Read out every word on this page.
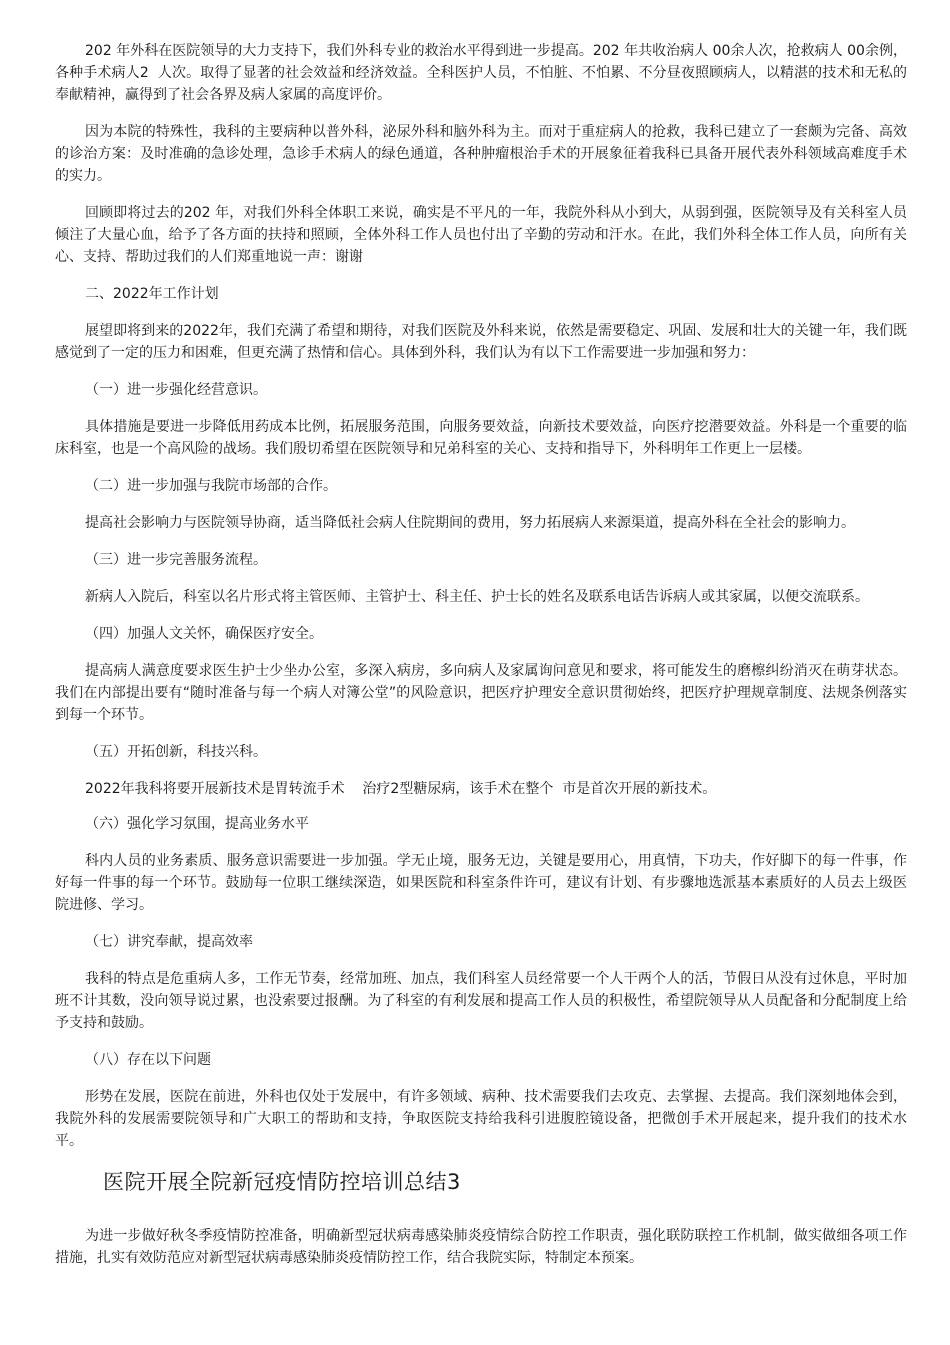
202 年外科在医院领导的大力支持下，我们外科专业的救治水平得到进一步提高。202 年共收治病人 00余人次，抢救病人 00余例，各种手术病人2  人次。取得了显著的社会效益和经济效益。全科医护人员，不怕脏、不怕累、不分昼夜照顾病人，以精湛的技术和无私的奉献精神，赢得到了社会各界及病人家属的高度评价。

因为本院的特殊性，我科的主要病种以普外科，泌尿外科和脑外科为主。而对于重症病人的抢救，我科已建立了一套颇为完备、高效的诊治方案：及时准确的急诊处理，急诊手术病人的绿色通道，各种肿瘤根治手术的开展象征着我科已具备开展代表外科领域高难度手术的实力。

回顾即将过去的202 年，对我们外科全体职工来说，确实是不平凡的一年，我院外科从小到大，从弱到强，医院领导及有关科室人员倾注了大量心血，给予了各方面的扶持和照顾，全体外科工作人员也付出了辛勤的劳动和汗水。在此，我们外科全体工作人员，向所有关心、支持、帮助过我们的人们郑重地说一声：谢谢

二、2022年工作计划

展望即将到来的2022年，我们充满了希望和期待，对我们医院及外科来说，依然是需要稳定、巩固、发展和壮大的关键一年，我们既感觉到了一定的压力和困难，但更充满了热情和信心。具体到外科，我们认为有以下工作需要进一步加强和努力：

（一）进一步强化经营意识。

具体措施是要进一步降低用药成本比例，拓展服务范围，向服务要效益，向新技术要效益，向医疗挖潜要效益。外科是一个重要的临床科室，也是一个高风险的战场。我们殷切希望在医院领导和兄弟科室的关心、支持和指导下，外科明年工作更上一层楼。

（二）进一步加强与我院市场部的合作。

提高社会影响力与医院领导协商，适当降低社会病人住院期间的费用，努力拓展病人来源渠道，提高外科在全社会的影响力。

（三）进一步完善服务流程。

新病人入院后，科室以名片形式将主管医师、主管护士、科主任、护士长的姓名及联系电话告诉病人或其家属，以便交流联系。

（四）加强人文关怀，确保医疗安全。

提高病人满意度要求医生护士少坐办公室，多深入病房，多向病人及家属询问意见和要求，将可能发生的磨檫纠纷消灭在萌芽状态。我们在内部提出要有“随时准备与每一个病人对簿公堂”的风险意识，把医疗护理安全意识贯彻始终，把医疗护理规章制度、法规条例落实到每一个环节。

（五）开拓创新，科技兴科。

2022年我科将要开展新技术是胃转流手术    治疗2型糖尿病，该手术在整个  市是首次开展的新技术。

（六）强化学习氛围，提高业务水平

科内人员的业务素质、服务意识需要进一步加强。学无止境，服务无边，关键是要用心，用真情，下功夫，作好脚下的每一件事，作好每一件事的每一个环节。鼓励每一位职工继续深造，如果医院和科室条件许可，建议有计划、有步骤地选派基本素质好的人员去上级医院进修、学习。

（七）讲究奉献，提高效率

我科的特点是危重病人多，工作无节奏，经常加班、加点，我们科室人员经常要一个人干两个人的活，节假日从没有过休息，平时加班不计其数，没向领导说过累，也没索要过报酬。为了科室的有利发展和提高工作人员的积极性，希望院领导从人员配备和分配制度上给予支持和鼓励。

（八）存在以下问题

形势在发展，医院在前进，外科也仅处于发展中，有许多领域、病种、技术需要我们去攻克、去掌握、去提高。我们深刻地体会到，我院外科的发展需要院领导和广大职工的帮助和支持，争取医院支持给我科引进腹腔镜设备，把微创手术开展起来，提升我们的技术水平。

医院开展全院新冠疫情防控培训总结3

为进一步做好秋冬季疫情防控准备，明确新型冠状病毒感染肺炎疫情综合防控工作职责，强化联防联控工作机制，做实做细各项工作措施，扎实有效防范应对新型冠状病毒感染肺炎疫情防控工作，结合我院实际，特制定本预案。
